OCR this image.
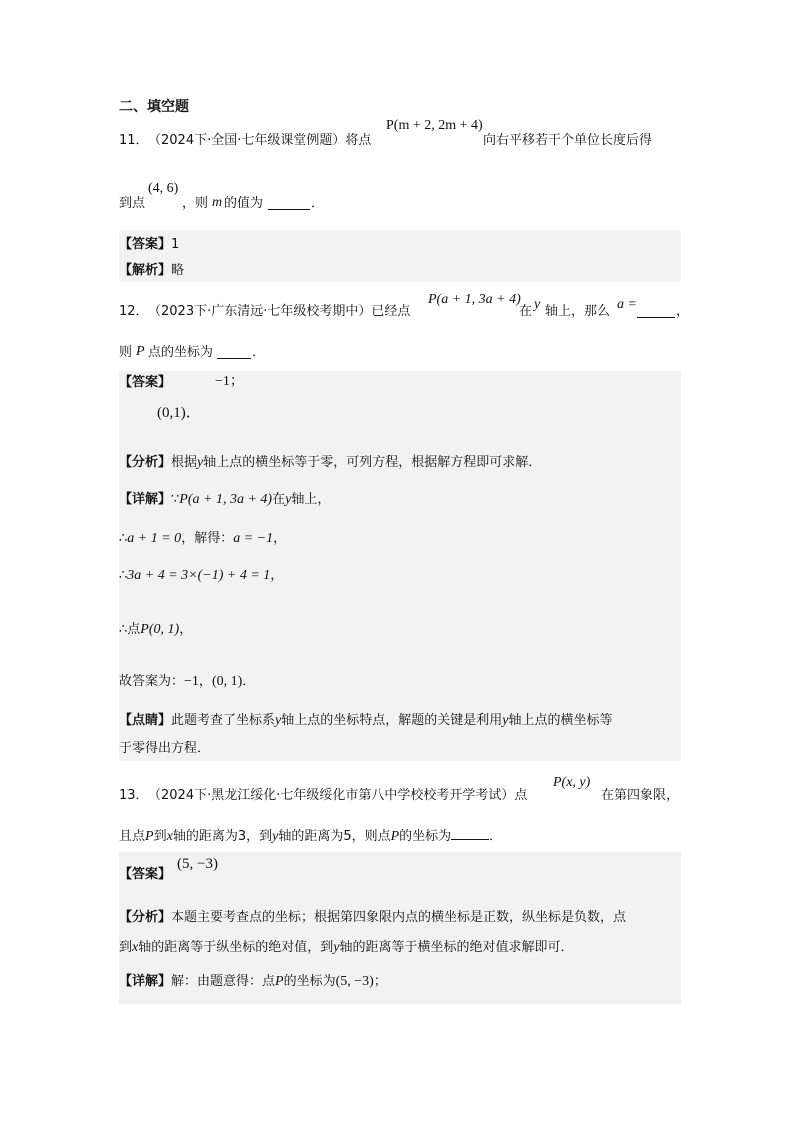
二、填空题
11． （2024下·全国·七年级课堂例题）将点
P(m + 2, 2m + 4)
向右平移若干个单位长度后得
到点
(4, 6)
，则 m 的值为	．
【答案】1
【解析】略
12． （2023下·广东清远·七年级校考期中）已经点
P(a + 1, 3a + 4)
在 y 轴上，那么 a =	，
则 P 点的坐标为	．
【答案】	−1；
(0,1)．
【分析】根据y轴上点的横坐标等于零，可列方程，根据解方程即可求解．
【详解】∵P(a + 1, 3a + 4)在y轴上，
∴a + 1 = 0，解得：a = −1，
∴3a + 4 = 3×(−1) + 4 = 1，
∴点P(0, 1)，
故答案为：−1，(0, 1)．
【点睛】此题考查了坐标系y轴上点的坐标特点，解题的关键是利用y轴上点的横坐标等
于零得出方程．
13． （2024下·黑龙江绥化·七年级绥化市第八中学校校考开学考试）点
P(x, y)
在第四象限，
且点P到x轴的距离为3，到y轴的距离为5，则点P的坐标为	．
【答案】
(5, −3)
【分析】本题主要考查点的坐标；根据第四象限内点的横坐标是正数，纵坐标是负数，点
到x轴的距离等于纵坐标的绝对值，到y轴的距离等于横坐标的绝对值求解即可．
【详解】解：由题意得：点P的坐标为(5, −3)；
